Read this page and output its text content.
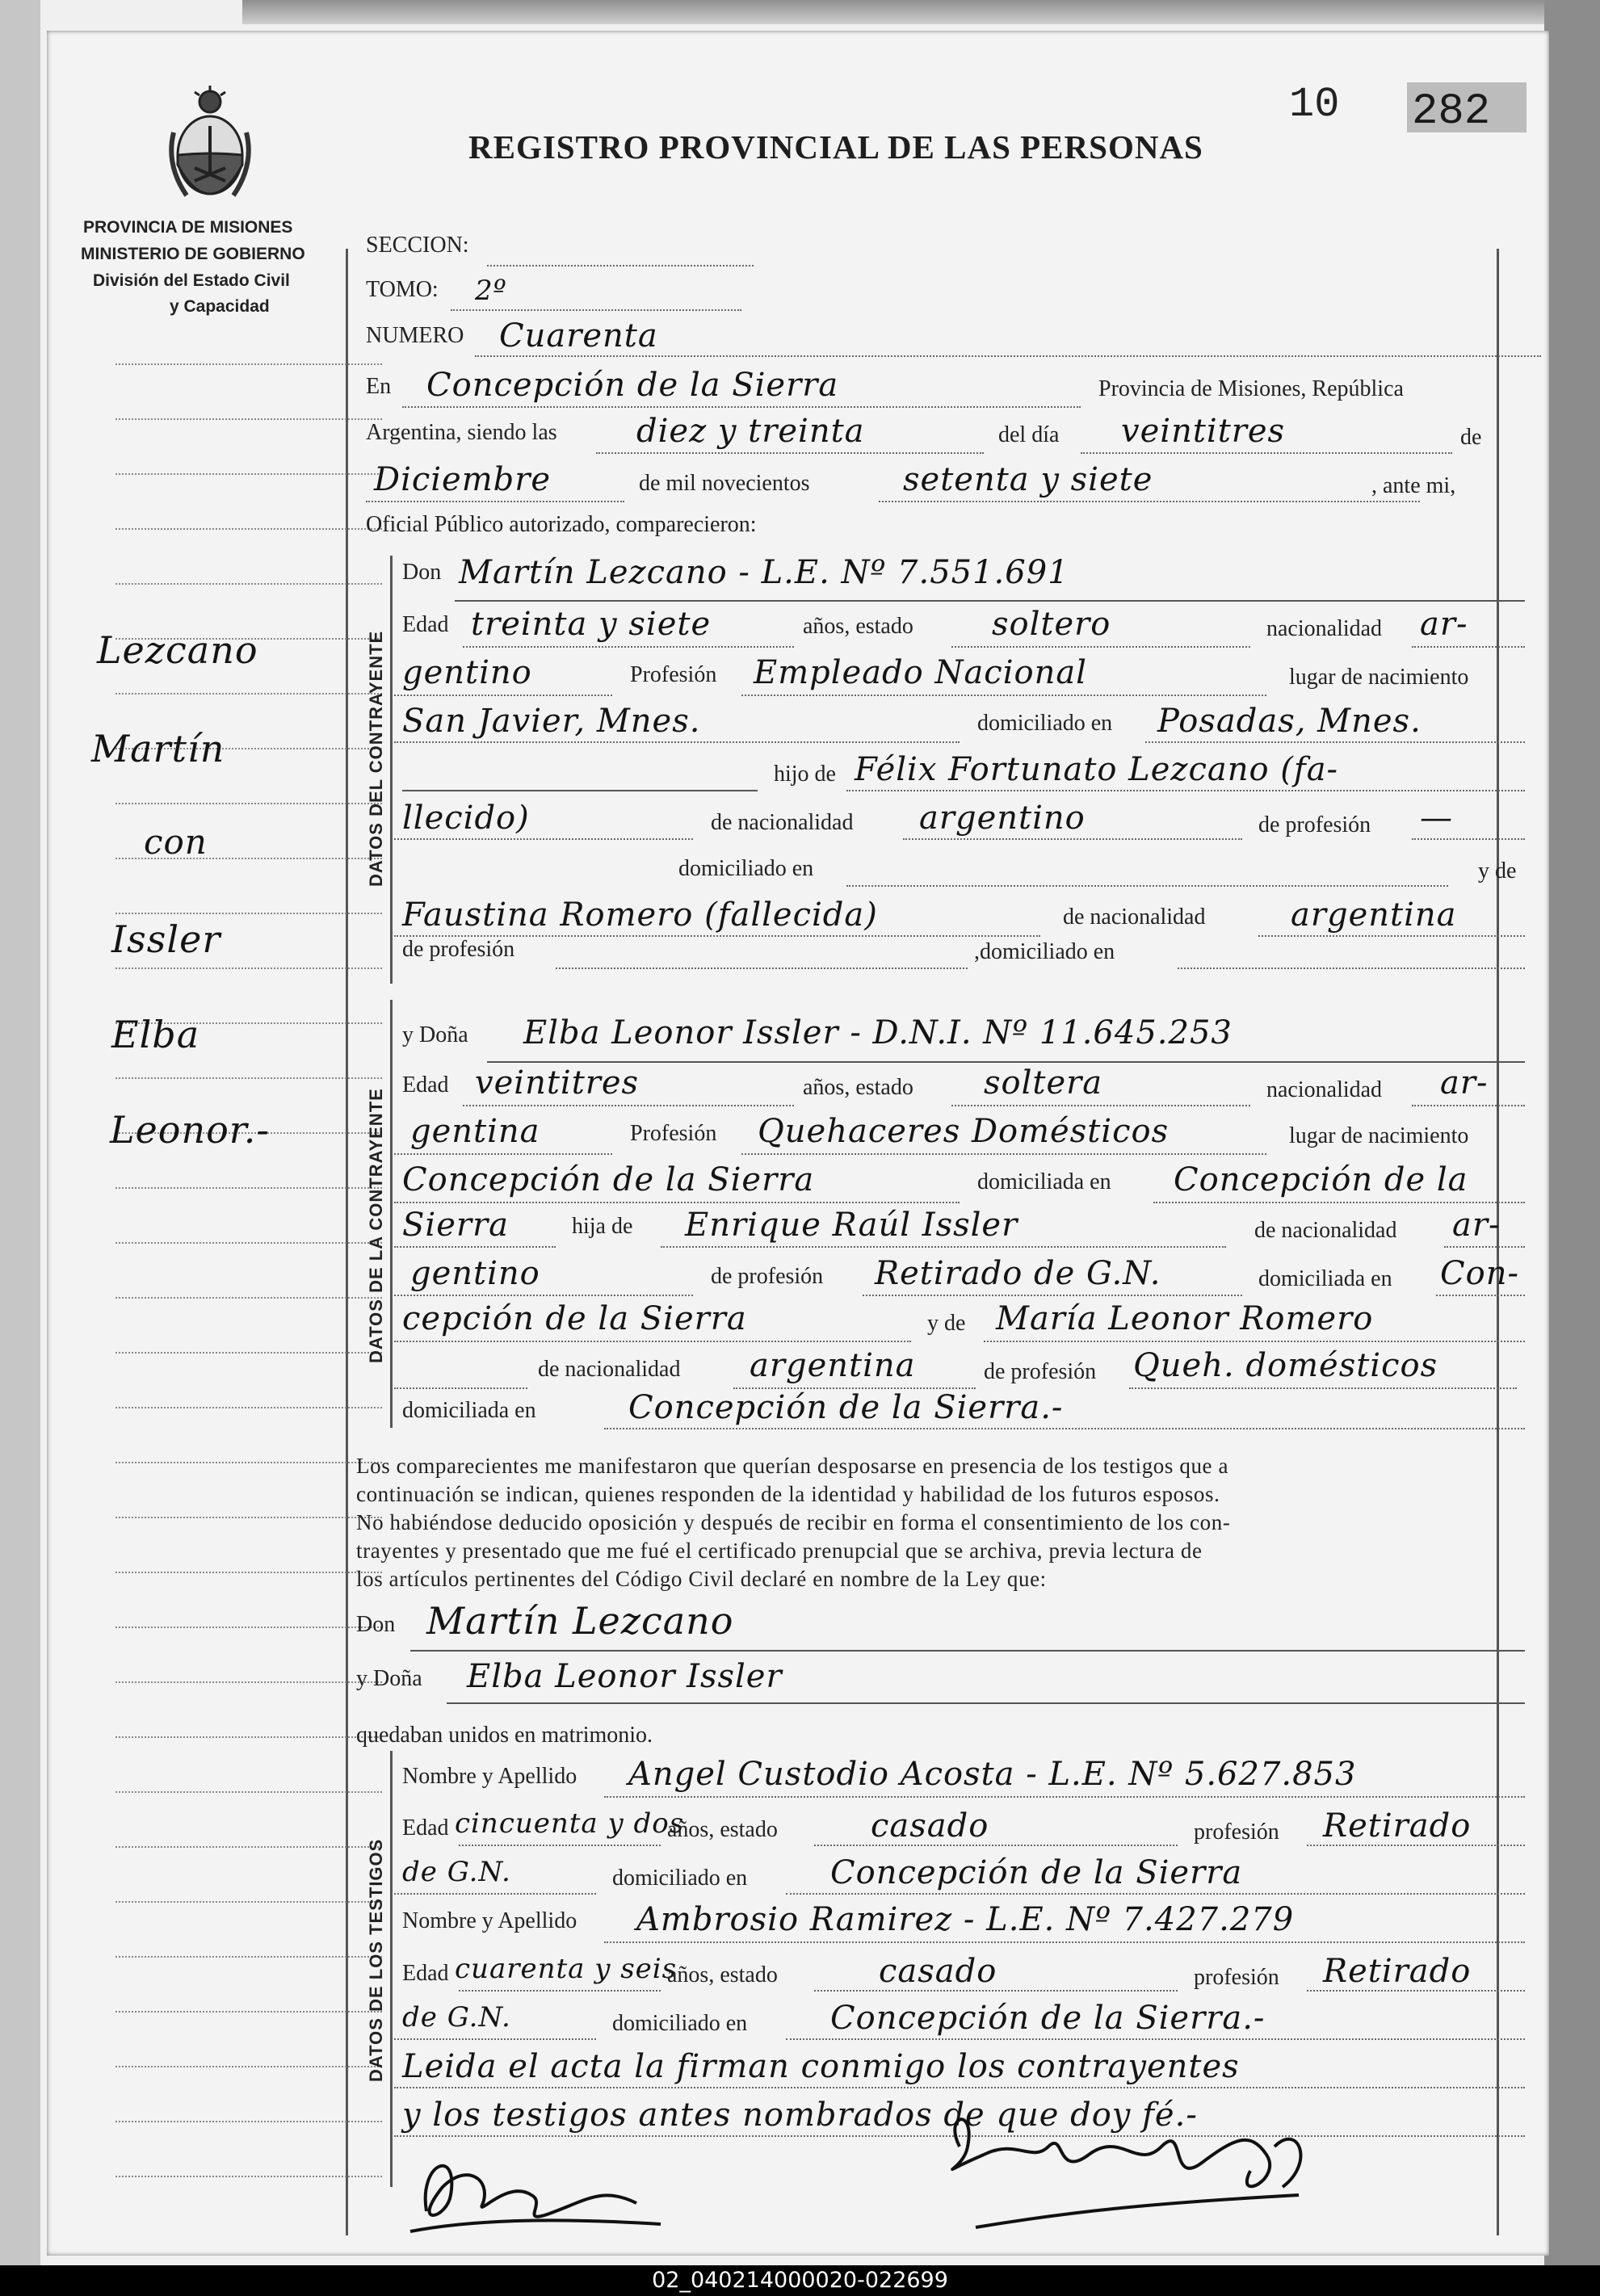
PROVINCIA DE MISIONES
MINISTERIO DE GOBIERNO
División del Estado Civil
y Capacidad
REGISTRO PROVINCIAL DE LAS PERSONAS
10 282
Lezcano
Martín
con
Issler
Elba
Leonor.-
SECCION:
TOMO: 2º
NUMERO Cuarenta
En Concepción de la Sierra	Provincia de Misiones, República
Argentina, siendo las diez y treinta	del día veintitres	de
Diciembre	de mil novecientos	setenta y siete	, ante mi,
Oficial Público autorizado, comparecieron:
DATOS DEL CONTRAYENTE
Don Martín Lezcano - L.E. Nº 7.551.691
Edad treinta y siete	años, estado soltero	nacionalidad ar-
gentino	Profesión Empleado Nacional	lugar de nacimiento
San Javier, Mnes.	domiciliado en Posadas, Mnes.
hijo de Félix Fortunato Lezcano (fa-
llecido)	de nacionalidad argentino	de profesión —
domiciliado en	y de
Faustina Romero (fallecida)	de nacionalidad	argentina
de profesión	,domiciliado en
DATOS DE LA CONTRAYENTE
y Doña Elba Leonor Issler - D.N.I. Nº 11.645.253
Edad veintitres	años, estado soltera	nacionalidad ar-
gentina	Profesión Quehaceres Domésticos	lugar de nacimiento
Concepción de la Sierra	domiciliada en Concepción de la
Sierra	hija de Enrique Raúl Issler	de nacionalidad ar-
gentino	de profesión Retirado de G.N.	domiciliada en Con-
cepción de la Sierra	y de María Leonor Romero
de nacionalidad argentina	de profesión Queh. domésticos
domiciliada en	Concepción de la Sierra.-
Los comparecientes me manifestaron que querían desposarse en presencia de los testigos que a
continuación se indican, quienes responden de la identidad y habilidad de los futuros esposos.
No habiéndose deducido oposición y después de recibir en forma el consentimiento de los con-
trayentes y presentado que me fué el certificado prenupcial que se archiva, previa lectura de
los artículos pertinentes del Código Civil declaré en nombre de la Ley que:
Don Martín Lezcano
y Doña Elba Leonor Issler
quedaban unidos en matrimonio.
DATOS DE LOS TESTIGOS
Nombre y Apellido Angel Custodio Acosta - L.E. Nº 5.627.853
Edad cincuenta y dos
años, estado	casado	profesión Retirado
de G.N.	domiciliado en	Concepción de la Sierra
Nombre y Apellido Ambrosio Ramirez - L.E. Nº 7.427.279
Edad cuarenta y seis
años, estado	casado	profesión Retirado
de G.N.	domiciliado en	Concepción de la Sierra.-
Leida el acta la firman conmigo los contrayentes
y los testigos antes nombrados de que doy fé.-
02_040214000020-022699
